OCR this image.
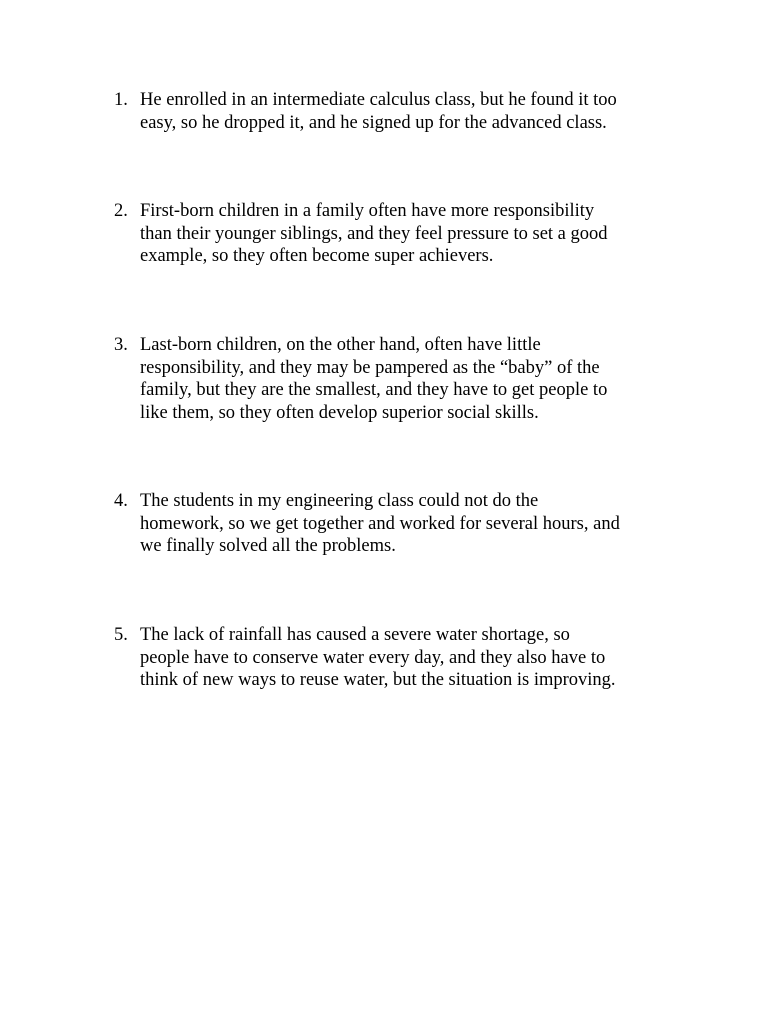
1. He enrolled in an intermediate calculus class, but he found it too
easy, so he dropped it, and he signed up for the advanced class.
2. First-born children in a family often have more responsibility
than their younger siblings, and they feel pressure to set a good
example, so they often become super achievers.
3. Last-born children, on the other hand, often have little
responsibility, and they may be pampered as the “baby” of the
family, but they are the smallest, and they have to get people to
like them, so they often develop superior social skills.
4. The students in my engineering class could not do the
homework, so we get together and worked for several hours, and
we finally solved all the problems.
5. The lack of rainfall has caused a severe water shortage, so
people have to conserve water every day, and they also have to
think of new ways to reuse water, but the situation is improving.
